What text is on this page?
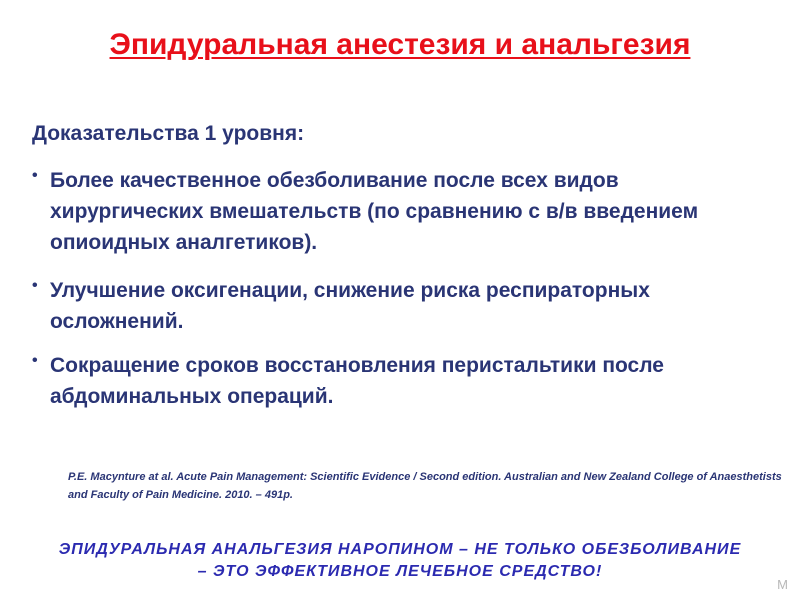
Эпидуральная анестезия и анальгезия
Доказательства 1 уровня:
• Более качественное обезболивание после всех видов хирургических вмешательств (по сравнению с в/в введением опиоидных аналгетиков).
• Улучшение оксигенации, снижение риска респираторных осложнений.
• Сокращение сроков восстановления перистальтики после абдоминальных операций.
P.E. Macynture at al. Acute Pain Management: Scientific Evidence / Second edition. Australian and New Zealand College of Anaesthetists and Faculty of Pain Medicine. 2010. – 491р.
ЭПИДУРАЛЬНАЯ АНАЛЬГЕЗИЯ НАРОПИНОМ – НЕ ТОЛЬКО ОБЕЗБОЛИВАНИЕ
– ЭТО ЭФФЕКТИВНОЕ ЛЕЧЕБНОЕ СРЕДСТВО!
M
